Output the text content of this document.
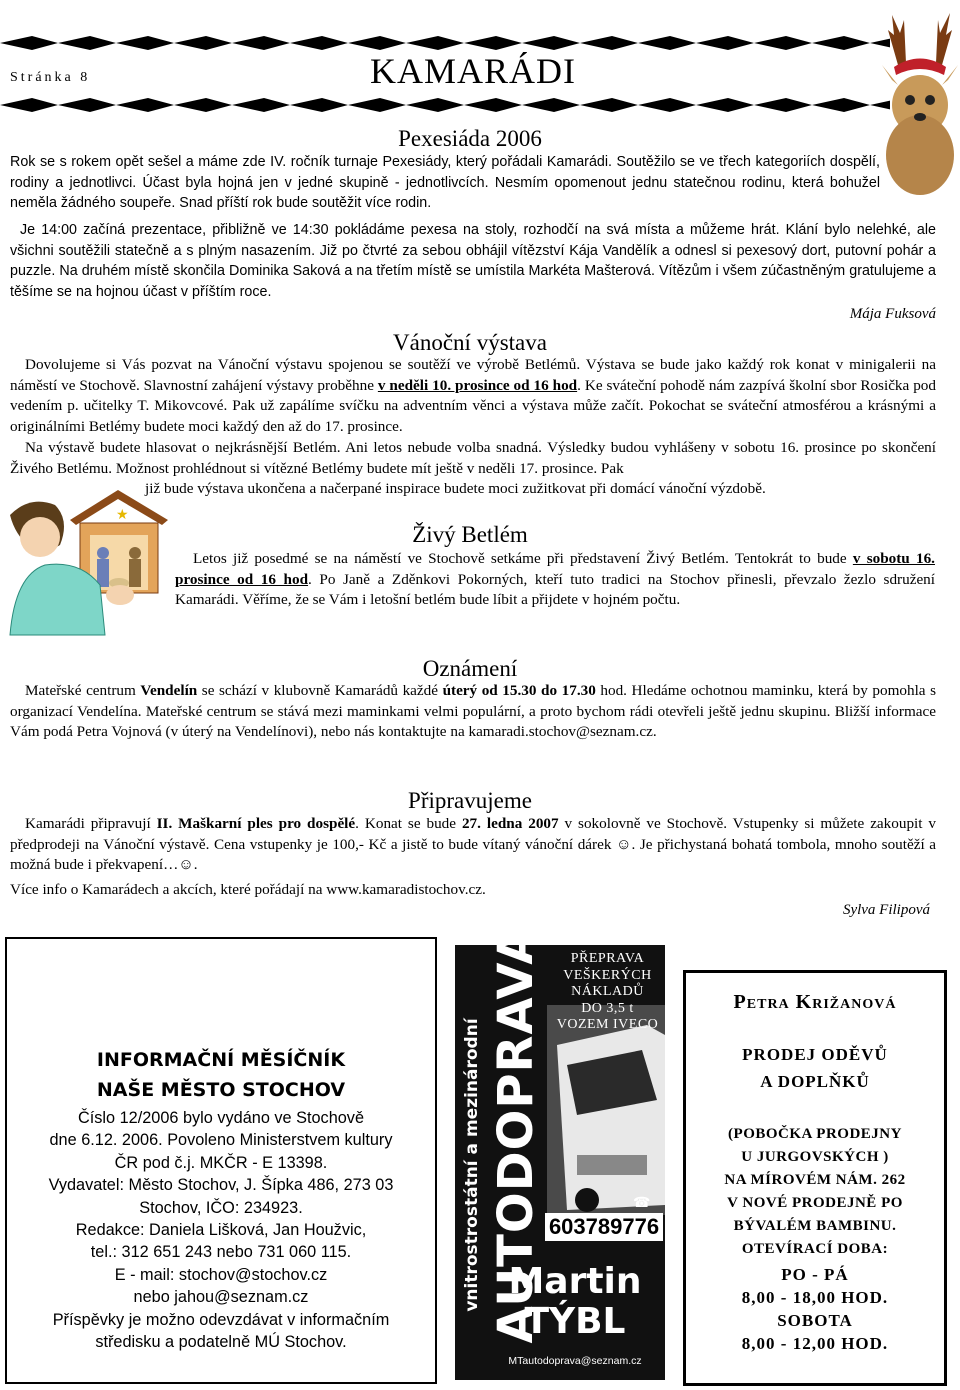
Stránka 8	KAMARÁDI
Pexesiáda 2006

Rok se s rokem opět sešel a máme zde IV. ročník turnaje Pexesiády, který pořádali Kamarádi. Soutěžilo se ve třech kategoriích dospělí, rodiny a jednotlivci. Účast byla hojná jen v jedné skupině - jednotlivcích. Nesmím opomenout jednu statečnou rodinu, která bohužel neměla žádného soupeře. Snad příští rok bude soutěžit více rodin.

Je 14:00 začíná prezentace, přibližně ve 14:30 pokládáme pexesa na stoly, rozhodčí na svá místa a můžeme hrát. Klání bylo nelehké, ale všichni soutěžili statečně a s plným nasazením. Již po čtvrté za sebou obhájil vítězství Kája Vandělík a odnesl si pexesový dort, putovní pohár a puzzle. Na druhém místě skončila Dominika Saková a na třetím místě se umístila Markéta Mašterová. Vítězům i všem zúčastněným gratulujeme a těšíme se na hojnou účast v příštím roce.

Mája Fuksová
Vánoční výstava

Dovolujeme si Vás pozvat na Vánoční výstavu spojenou se soutěží ve výrobě Betlémů. Výstava se bude jako každý rok konat v minigalerii na náměstí ve Stochově. Slavnostní zahájení výstavy proběhne v neděli 10. prosince od 16 hod. Ke sváteční pohodě nám zazpívá školní sbor Rosička pod vedením p. učitelky T. Mikovcové. Pak už zapálíme svíčku na adventním věnci a výstava může začít. Pokochat se sváteční atmosférou a krásnými a originálními Betlémy budete moci každý den až do 17. prosince.

Na výstavě budete hlasovat o nejkrásnější Betlém. Ani letos nebude volba snadná. Výsledky budou vyhlášeny v sobotu 16. prosince po skončení Živého Betlému. Možnost prohlédnout si vítězné Betlémy budete mít ještě v neděli 17. prosince. Pak

již bude výstava ukončena a načerpané inspirace budete moci zužitkovat při domácí vánoční výzdobě.

★
Živý Betlém

Letos již posedmé se na náměstí ve Stochově setkáme při představení Živý Betlém. Tentokrát to bude v sobotu 16. prosince od 16 hod. Po Janě a Zděnkovi Pokorných, kteří tuto tradici na Stochov přinesli, převzalo žezlo sdružení Kamarádi. Věříme, že se Vám i letošní betlém bude líbit a přijdete v hojném počtu.

Oznámení

Mateřské centrum Vendelín se schází v klubovně Kamarádů každé úterý od 15.30 do 17.30 hod. Hledáme ochotnou maminku, která by pomohla s organizací Vendelína. Mateřské centrum se stává mezi maminkami velmi populární, a proto bychom rádi otevřeli ještě jednu skupinu. Bližší informace Vám podá Petra Vojnová (v úterý na Vendelínovi), nebo nás kontaktujte na kamaradi.stochov@seznam.cz.

Připravujeme

Kamarádi připravují II. Maškarní ples pro dospělé. Konat se bude 27. ledna 2007 v sokolovně ve Stochově. Vstupenky si můžete zakoupit v předprodeji na Vánoční výstavě. Cena vstupenky je 100,- Kč a jistě to bude vítaný vánoční dárek ☺. Je přichystaná bohatá tombola, mnoho soutěží a možná bude i překvapení…☺.

Více info o Kamarádech a akcích, které pořádají na www.kamaradistochov.cz.

Sylva Filipová
INFORMAČNÍ MĚSÍČNÍK
NAŠE MĚSTO STOCHOV
Číslo 12/2006 bylo vydáno ve Stochově
dne 6.12. 2006. Povoleno Ministerstvem kultury
ČR pod č.j. MKČR - E 13398.
Vydavatel: Město Stochov, J. Šípka 486, 273 03
Stochov, IČO: 234923.
Redakce: Daniela Lišková, Jan Houžvic,
tel.: 312 651 243 nebo 731 060 115.
E - mail: stochov@stochov.cz
nebo jahou@seznam.cz
Příspěvky je možno odevzdávat v informačním
středisku a podatelně MÚ Stochov.
vnitrostrostátní a mezinárodní AUTODOPRAVA	PŘEPRAVA
VEŠKERÝCH
NÁKLADŮ
DO 3,5 t
VOZEM IVECO
☎
603789776
Martin
TÝBL
MTautodoprava@seznam.cz
Petra Križanová
PRODEJ ODĚVŮ
A DOPLŇKŮ
(POBOČKA PRODEJNY
U JURGOVSKÝCH )
NA MÍROVÉM NÁM. 262
V NOVÉ PRODEJNĚ PO
BÝVALÉM BAMBINU.
OTEVÍRACÍ DOBA:
PO - PÁ
8,00 - 18,00 HOD.
SOBOTA
8,00 - 12,00 HOD.
